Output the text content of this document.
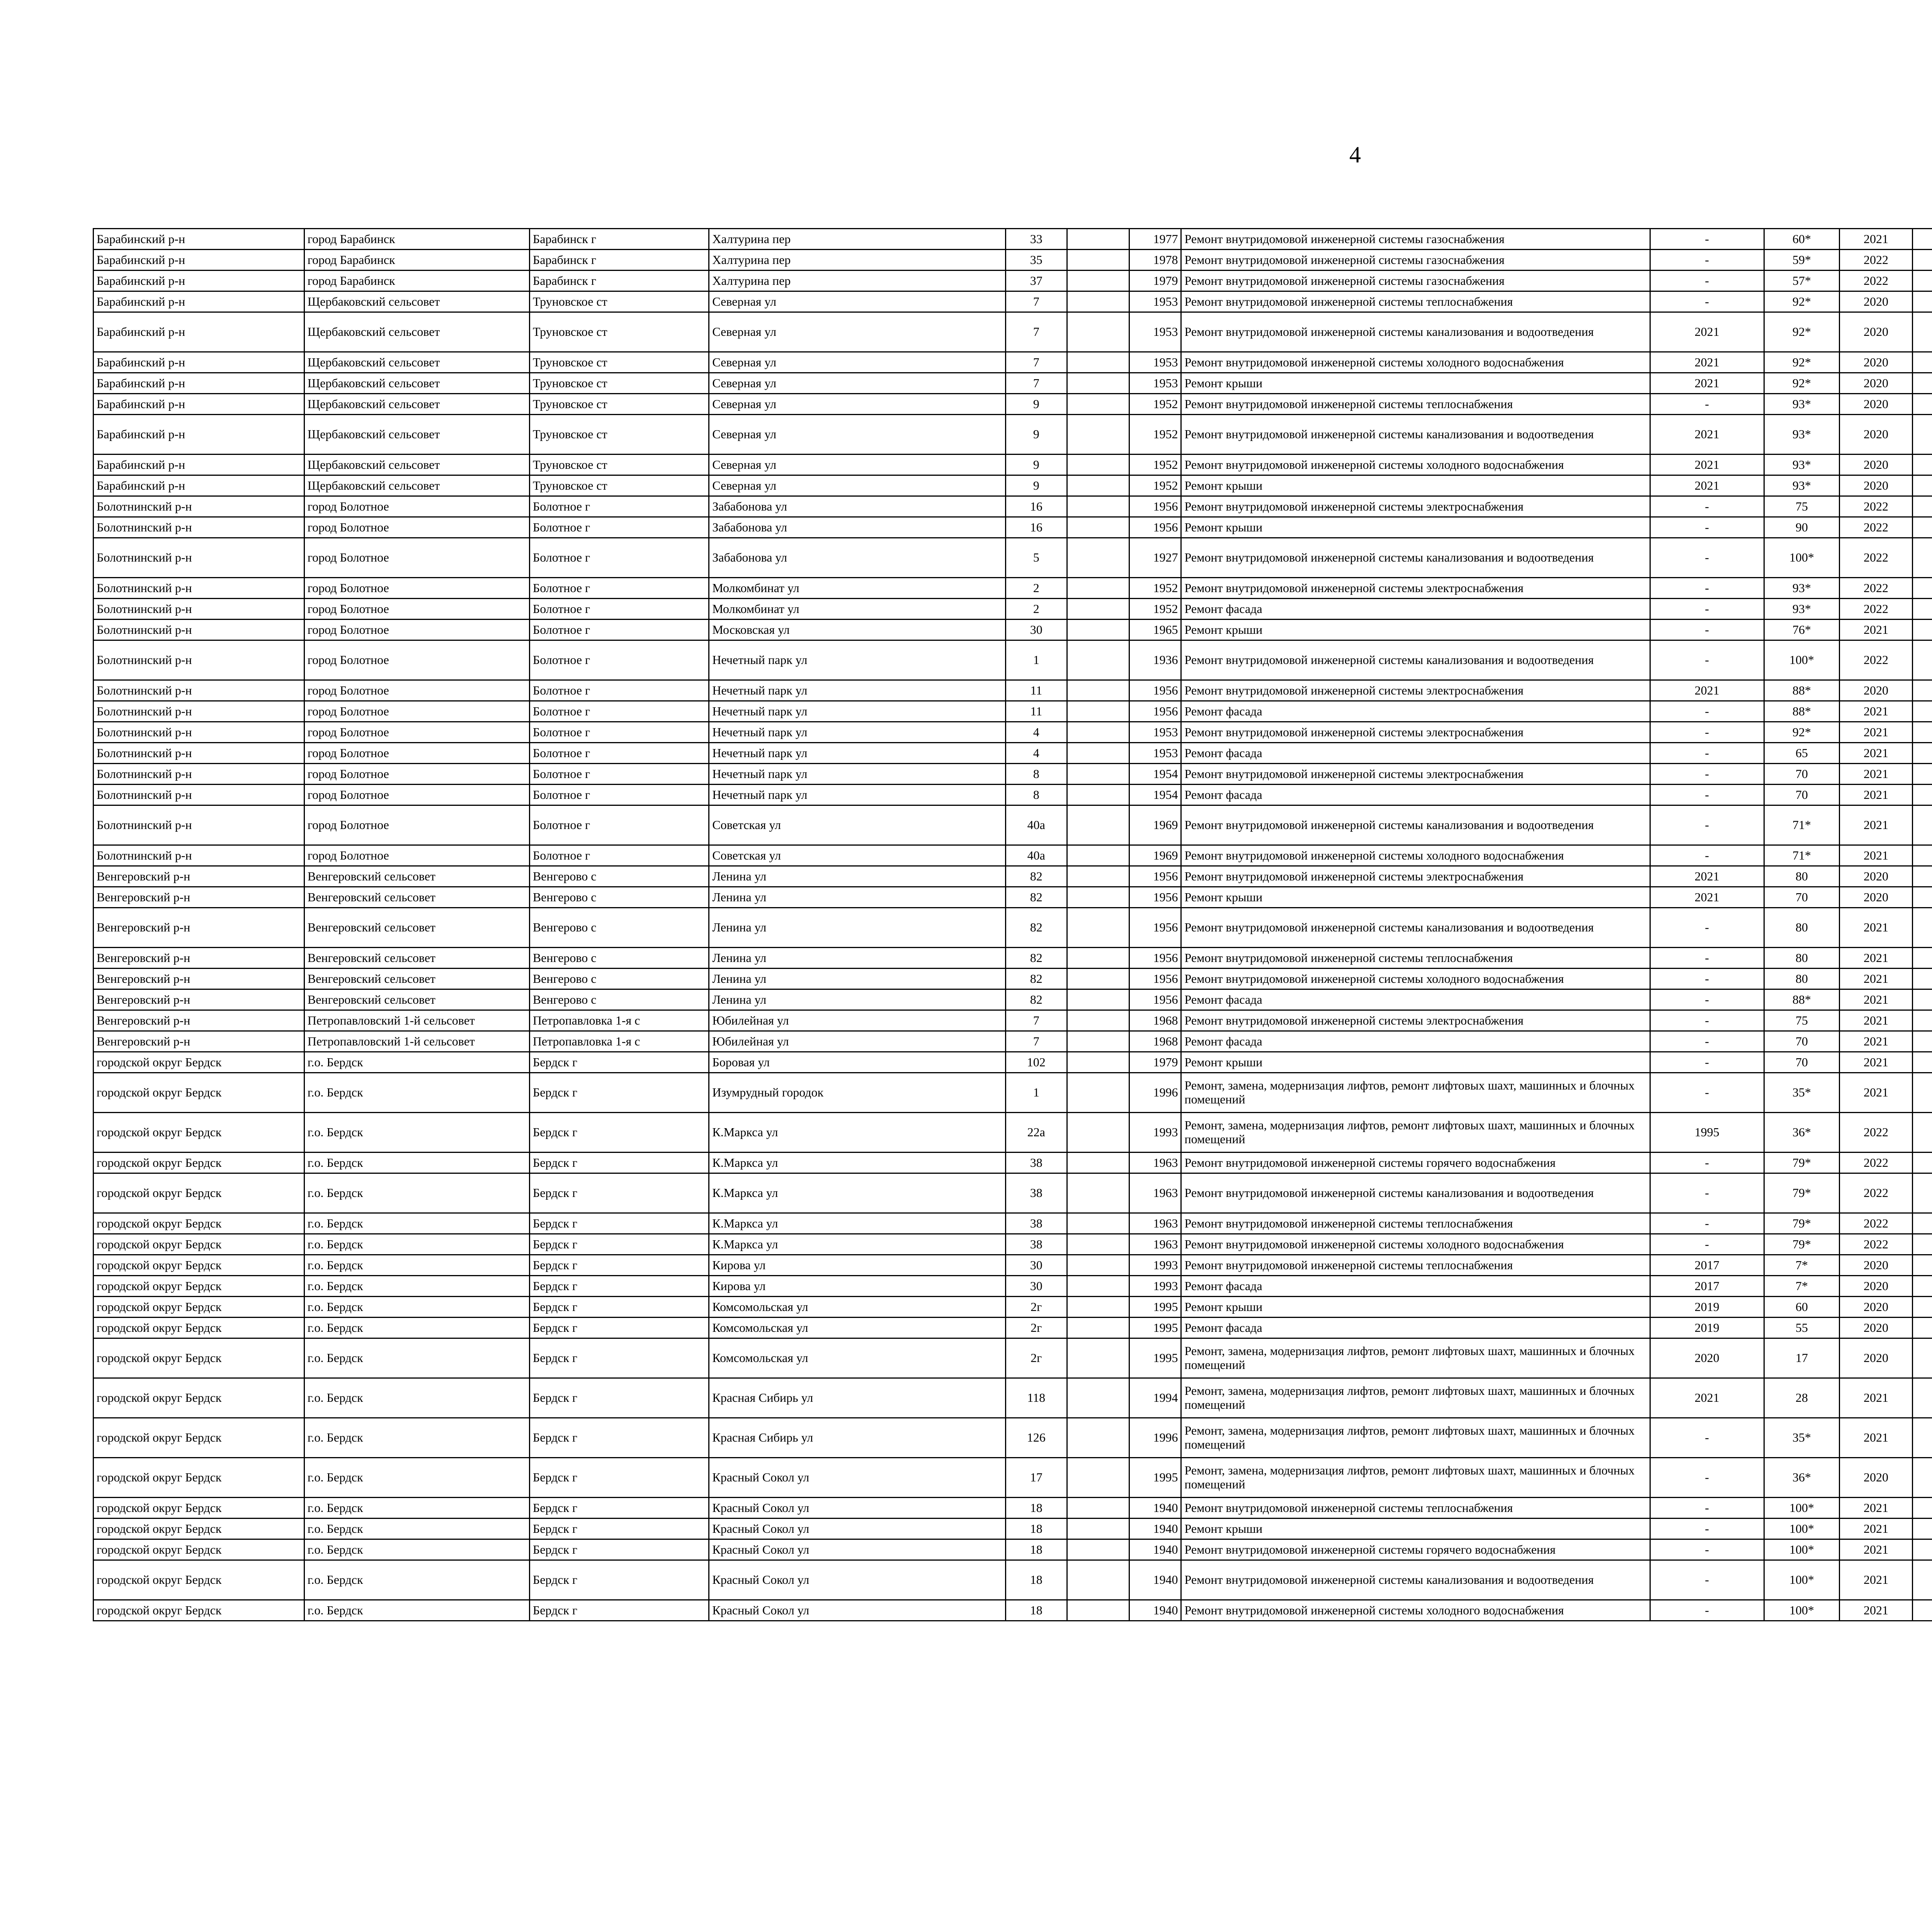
4
Барабинский р-н	город Барабинск	Барабинск г	Халтурина пер	33		1977	Ремонт внутридомовой инженерной системы газоснабжения	-	60*	2021						
Барабинский р-н	город Барабинск	Барабинск г	Халтурина пер	35		1978	Ремонт внутридомовой инженерной системы газоснабжения	-	59*	2022						
Барабинский р-н	город Барабинск	Барабинск г	Халтурина пер	37		1979	Ремонт внутридомовой инженерной системы газоснабжения	-	57*	2022						
Барабинский р-н	Щербаковский сельсовет	Труновское ст	Северная ул	7		1953	Ремонт внутридомовой инженерной системы теплоснабжения	-	92*	2020						
Барабинский р-н	Щербаковский сельсовет	Труновское ст	Северная ул	7		1953	Ремонт внутридомовой инженерной системы канализования и водоотведения	2021	92*	2020						
Барабинский р-н	Щербаковский сельсовет	Труновское ст	Северная ул	7		1953	Ремонт внутридомовой инженерной системы холодного водоснабжения	2021	92*	2020						
Барабинский р-н	Щербаковский сельсовет	Труновское ст	Северная ул	7		1953	Ремонт крыши	2021	92*	2020						
Барабинский р-н	Щербаковский сельсовет	Труновское ст	Северная ул	9		1952	Ремонт внутридомовой инженерной системы теплоснабжения	-	93*	2020						
Барабинский р-н	Щербаковский сельсовет	Труновское ст	Северная ул	9		1952	Ремонт внутридомовой инженерной системы канализования и водоотведения	2021	93*	2020						
Барабинский р-н	Щербаковский сельсовет	Труновское ст	Северная ул	9		1952	Ремонт внутридомовой инженерной системы холодного водоснабжения	2021	93*	2020						
Барабинский р-н	Щербаковский сельсовет	Труновское ст	Северная ул	9		1952	Ремонт крыши	2021	93*	2020						
Болотнинский р-н	город Болотное	Болотное г	Забабонова ул	16		1956	Ремонт внутридомовой инженерной системы электроснабжения	-	75	2022						
Болотнинский р-н	город Болотное	Болотное г	Забабонова ул	16		1956	Ремонт крыши	-	90	2022						
Болотнинский р-н	город Болотное	Болотное г	Забабонова ул	5		1927	Ремонт внутридомовой инженерной системы канализования и водоотведения	-	100*	2022						
Болотнинский р-н	город Болотное	Болотное г	Молкомбинат ул	2		1952	Ремонт внутридомовой инженерной системы электроснабжения	-	93*	2022						
Болотнинский р-н	город Болотное	Болотное г	Молкомбинат ул	2		1952	Ремонт фасада	-	93*	2022						
Болотнинский р-н	город Болотное	Болотное г	Московская ул	30		1965	Ремонт крыши	-	76*	2021						
Болотнинский р-н	город Болотное	Болотное г	Нечетный парк ул	1		1936	Ремонт внутридомовой инженерной системы канализования и водоотведения	-	100*	2022						
Болотнинский р-н	город Болотное	Болотное г	Нечетный парк ул	11		1956	Ремонт внутридомовой инженерной системы электроснабжения	2021	88*	2020						
Болотнинский р-н	город Болотное	Болотное г	Нечетный парк ул	11		1956	Ремонт фасада	-	88*	2021						
Болотнинский р-н	город Болотное	Болотное г	Нечетный парк ул	4		1953	Ремонт внутридомовой инженерной системы электроснабжения	-	92*	2021						
Болотнинский р-н	город Болотное	Болотное г	Нечетный парк ул	4		1953	Ремонт фасада	-	65	2021						
Болотнинский р-н	город Болотное	Болотное г	Нечетный парк ул	8		1954	Ремонт внутридомовой инженерной системы электроснабжения	-	70	2021						
Болотнинский р-н	город Болотное	Болотное г	Нечетный парк ул	8		1954	Ремонт фасада	-	70	2021						
Болотнинский р-н	город Болотное	Болотное г	Советская ул	40а		1969	Ремонт внутридомовой инженерной системы канализования и водоотведения	-	71*	2021						
Болотнинский р-н	город Болотное	Болотное г	Советская ул	40а		1969	Ремонт внутридомовой инженерной системы холодного водоснабжения	-	71*	2021						
Венгеровский р-н	Венгеровский сельсовет	Венгерово с	Ленина ул	82		1956	Ремонт внутридомовой инженерной системы электроснабжения	2021	80	2020						
Венгеровский р-н	Венгеровский сельсовет	Венгерово с	Ленина ул	82		1956	Ремонт крыши	2021	70	2020						
Венгеровский р-н	Венгеровский сельсовет	Венгерово с	Ленина ул	82		1956	Ремонт внутридомовой инженерной системы канализования и водоотведения	-	80	2021						
Венгеровский р-н	Венгеровский сельсовет	Венгерово с	Ленина ул	82		1956	Ремонт внутридомовой инженерной системы теплоснабжения	-	80	2021						
Венгеровский р-н	Венгеровский сельсовет	Венгерово с	Ленина ул	82		1956	Ремонт внутридомовой инженерной системы холодного водоснабжения	-	80	2021						
Венгеровский р-н	Венгеровский сельсовет	Венгерово с	Ленина ул	82		1956	Ремонт фасада	-	88*	2021						
Венгеровский р-н	Петропавловский 1-й сельсовет	Петропавловка 1-я с	Юбилейная ул	7		1968	Ремонт внутридомовой инженерной системы электроснабжения	-	75	2021						
Венгеровский р-н	Петропавловский 1-й сельсовет	Петропавловка 1-я с	Юбилейная ул	7		1968	Ремонт фасада	-	70	2021						
городской округ Бердск	г.о. Бердск	Бердск г	Боровая ул	102		1979	Ремонт крыши	-	70	2021						
городской округ Бердск	г.о. Бердск	Бердск г	Изумрудный городок	1		1996	Ремонт, замена, модернизация лифтов, ремонт лифтовых шахт, машинных и блочных помещений	-	35*	2021						
городской округ Бердск	г.о. Бердск	Бердск г	К.Маркса ул	22а		1993	Ремонт, замена, модернизация лифтов, ремонт лифтовых шахт, машинных и блочных помещений	1995	36*	2022						
городской округ Бердск	г.о. Бердск	Бердск г	К.Маркса ул	38		1963	Ремонт внутридомовой инженерной системы горячего водоснабжения	-	79*	2022						
городской округ Бердск	г.о. Бердск	Бердск г	К.Маркса ул	38		1963	Ремонт внутридомовой инженерной системы канализования и водоотведения	-	79*	2022						
городской округ Бердск	г.о. Бердск	Бердск г	К.Маркса ул	38		1963	Ремонт внутридомовой инженерной системы теплоснабжения	-	79*	2022						
городской округ Бердск	г.о. Бердск	Бердск г	К.Маркса ул	38		1963	Ремонт внутридомовой инженерной системы холодного водоснабжения	-	79*	2022						
городской округ Бердск	г.о. Бердск	Бердск г	Кирова ул	30		1993	Ремонт внутридомовой инженерной системы теплоснабжения	2017	7*	2020						
городской округ Бердск	г.о. Бердск	Бердск г	Кирова ул	30		1993	Ремонт фасада	2017	7*	2020						
городской округ Бердск	г.о. Бердск	Бердск г	Комсомольская ул	2г		1995	Ремонт крыши	2019	60	2020						
городской округ Бердск	г.о. Бердск	Бердск г	Комсомольская ул	2г		1995	Ремонт фасада	2019	55	2020						
городской округ Бердск	г.о. Бердск	Бердск г	Комсомольская ул	2г		1995	Ремонт, замена, модернизация лифтов, ремонт лифтовых шахт, машинных и блочных помещений	2020	17	2020						
городской округ Бердск	г.о. Бердск	Бердск г	Красная Сибирь ул	118		1994	Ремонт, замена, модернизация лифтов, ремонт лифтовых шахт, машинных и блочных помещений	2021	28	2021						
городской округ Бердск	г.о. Бердск	Бердск г	Красная Сибирь ул	126		1996	Ремонт, замена, модернизация лифтов, ремонт лифтовых шахт, машинных и блочных помещений	-	35*	2021						
городской округ Бердск	г.о. Бердск	Бердск г	Красный Сокол ул	17		1995	Ремонт, замена, модернизация лифтов, ремонт лифтовых шахт, машинных и блочных помещений	-	36*	2020						
городской округ Бердск	г.о. Бердск	Бердск г	Красный Сокол ул	18		1940	Ремонт внутридомовой инженерной системы теплоснабжения	-	100*	2021						
городской округ Бердск	г.о. Бердск	Бердск г	Красный Сокол ул	18		1940	Ремонт крыши	-	100*	2021						
городской округ Бердск	г.о. Бердск	Бердск г	Красный Сокол ул	18		1940	Ремонт внутридомовой инженерной системы горячего водоснабжения	-	100*	2021						
городской округ Бердск	г.о. Бердск	Бердск г	Красный Сокол ул	18		1940	Ремонт внутридомовой инженерной системы канализования и водоотведения	-	100*	2021						
городской округ Бердск	г.о. Бердск	Бердск г	Красный Сокол ул	18		1940	Ремонт внутридомовой инженерной системы холодного водоснабжения	-	100*	2021						
